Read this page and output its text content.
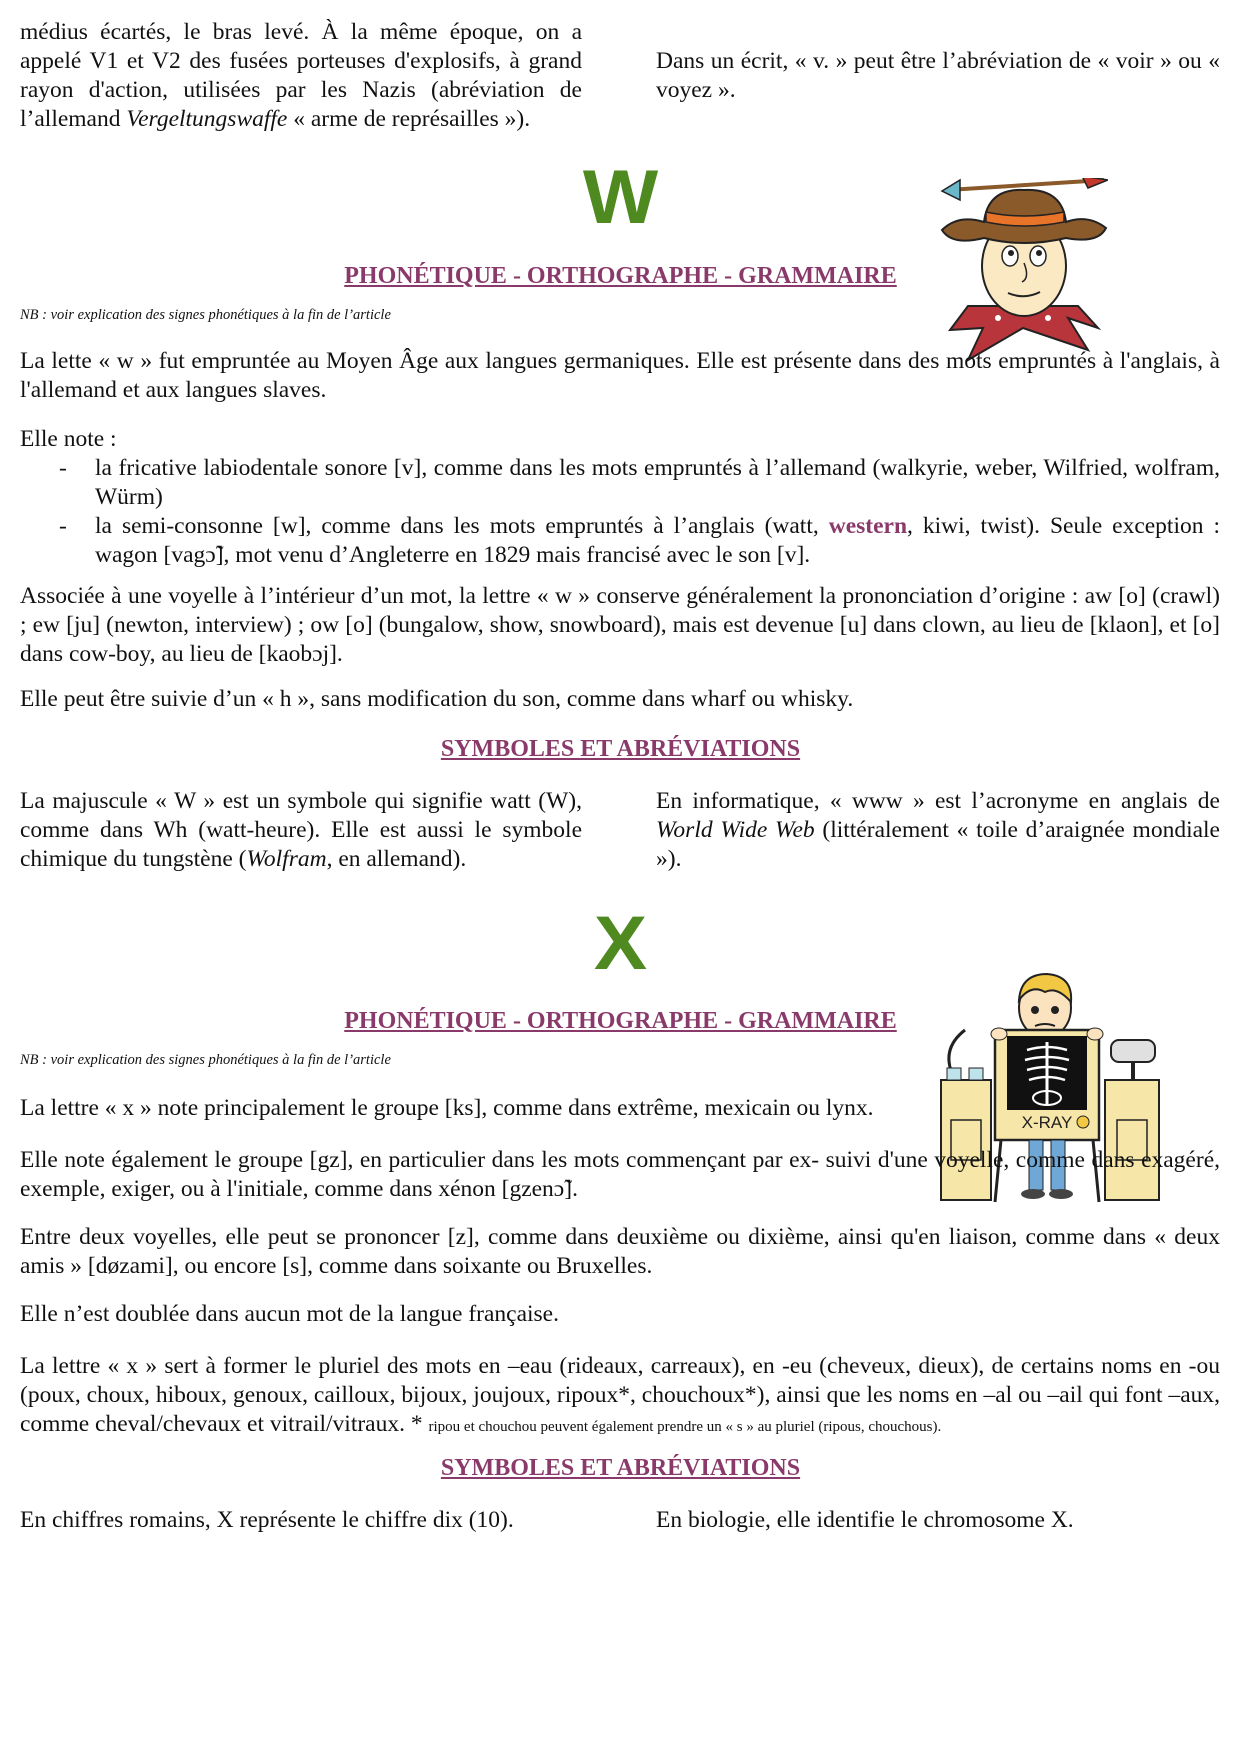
médius écartés, le bras levé. À la même époque, on a appelé V1 et V2 des fusées porteuses d'explosifs, à grand rayon d'action, utilisées par les Nazis (abréviation de l’allemand Vergeltungswaffe « arme de représailles »).

Dans un écrit, « v. » peut être l’abréviation de « voir » ou « voyez ».

W
PHONÉTIQUE - ORTHOGRAPHE - GRAMMAIRE
NB : voir explication des signes phonétiques à la fin de l’article

La lette « w » fut empruntée au Moyen Âge aux langues germaniques. Elle est présente dans des mots empruntés à l'anglais, à l'allemand et aux langues slaves.

Elle note :

- la fricative labiodentale sonore [v], comme dans les mots empruntés à l’allemand (walkyrie, weber, Wilfried, wolfram, Würm)
- la semi-consonne [w], comme dans les mots empruntés à l’anglais (watt, western, kiwi, twist). Seule exception : wagon [vagɔ̃], mot venu d’Angleterre en 1829 mais francisé avec le son [v].

Associée à une voyelle à l’intérieur d’un mot, la lettre « w » conserve généralement la prononciation d’origine : aw [o] (crawl) ; ew [ju] (newton, interview) ; ow [o] (bungalow, show, snowboard), mais est devenue [u] dans clown, au lieu de [klaon], et [o] dans cow-boy, au lieu de [kaobɔj].

Elle peut être suivie d’un « h », sans modification du son, comme dans wharf ou whisky.

SYMBOLES ET ABRÉVIATIONS

La majuscule « W » est un symbole qui signifie watt (W), comme dans Wh (watt-heure). Elle est aussi le symbole chimique du tungstène (Wolfram, en allemand).

En informatique, « www » est l’acronyme en anglais de World Wide Web (littéralement « toile d’araignée mondiale »).

X
X-RAY
PHONÉTIQUE - ORTHOGRAPHE - GRAMMAIRE
NB : voir explication des signes phonétiques à la fin de l’article

La lettre « x » note principalement le groupe [ks], comme dans extrême, mexicain ou lynx.

Elle note également le groupe [gz], en particulier dans les mots commençant par ex- suivi d'une voyelle, comme dans exagéré, exemple, exiger, ou à l'initiale, comme dans xénon [gzenɔ̃].

Entre deux voyelles, elle peut se prononcer [z], comme dans deuxième ou dixième, ainsi qu'en liaison, comme dans « deux amis » [døzami], ou encore [s], comme dans soixante ou Bruxelles.

Elle n’est doublée dans aucun mot de la langue française.

La lettre « x » sert à former le pluriel des mots en –eau (rideaux, carreaux), en -eu (cheveux, dieux), de certains noms en -ou (poux, choux, hiboux, genoux, cailloux, bijoux, joujoux, ripoux*, chouchoux*), ainsi que les noms en –al ou –ail qui font –aux, comme cheval/chevaux et vitrail/vitraux. * ripou et chouchou peuvent également prendre un « s » au pluriel (ripous, chouchous).

SYMBOLES ET ABRÉVIATIONS

En chiffres romains, X représente le chiffre dix (10).	En biologie, elle identifie le chromosome X.
